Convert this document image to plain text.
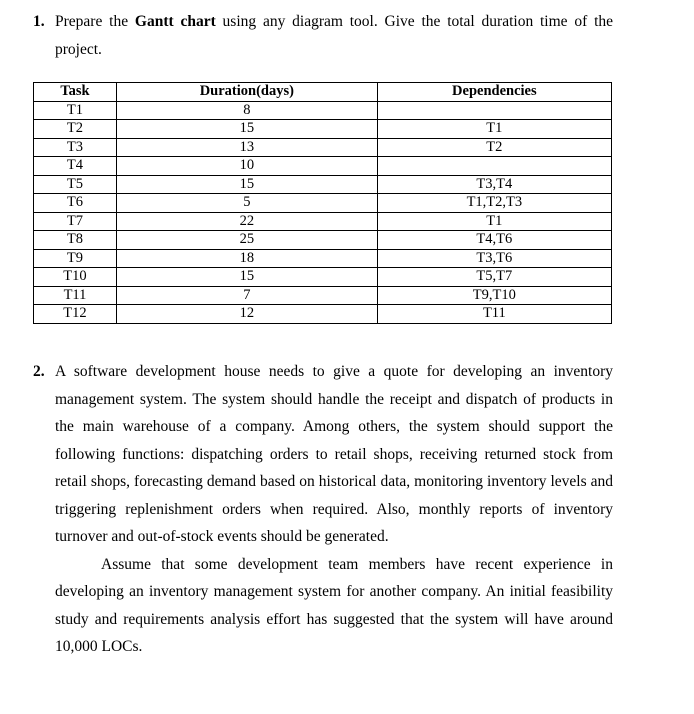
1. Prepare the Gantt chart using any diagram tool. Give the total duration time of the project.
Task	Duration(days)	Dependencies
T1	8	
T2	15	T1
T3	13	T2
T4	10	
T5	15	T3,T4
T6	5	T1,T2,T3
T7	22	T1
T8	25	T4,T6
T9	18	T3,T6
T10	15	T5,T7
T11	7	T9,T10
T12	12	T11
2. A software development house needs to give a quote for developing an inventory management system. The system should handle the receipt and dispatch of products in the main warehouse of a company. Among others, the system should support the following functions: dispatching orders to retail shops, receiving returned stock from retail shops, forecasting demand based on historical data, monitoring inventory levels and triggering replenishment orders when required. Also, monthly reports of inventory turnover and out-of-stock events should be generated.
Assume that some development team members have recent experience in developing an inventory management system for another company. An initial feasibility study and requirements analysis effort has suggested that the system will have around 10,000 LOCs.
